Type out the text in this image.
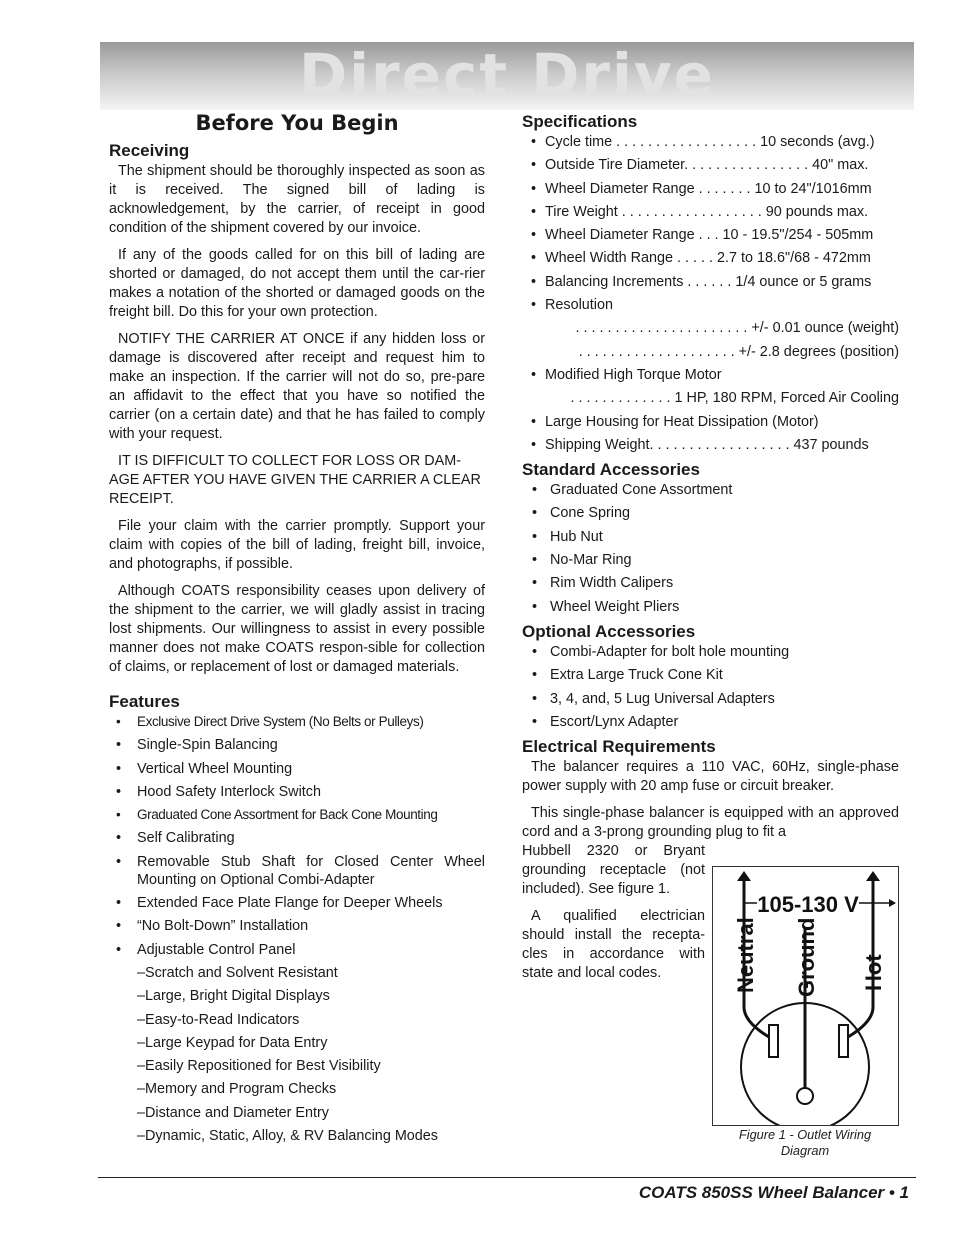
Direct Drive
Before You Begin
Receiving

The shipment should be thoroughly inspected as soon as it is received. The signed bill of lading is acknowledgement, by the carrier, of receipt in good condition of the shipment covered by our invoice.

If any of the goods called for on this bill of lading are shorted or damaged, do not accept them until the car-rier makes a notation of the shorted or damaged goods on the freight bill. Do this for your own protection.

NOTIFY THE CARRIER AT ONCE if any hidden loss or damage is discovered after receipt and request him to make an inspection. If the carrier will not do so, pre-pare an affidavit to the effect that you have so notified the carrier (on a certain date) and that he has failed to comply with your request.

IT IS DIFFICULT TO COLLECT FOR LOSS OR DAM-AGE AFTER YOU HAVE GIVEN THE CARRIER A CLEAR RECEIPT.

File your claim with the carrier promptly. Support your claim with copies of the bill of lading, freight bill, invoice, and photographs, if possible.

Although COATS responsibility ceases upon delivery of the shipment to the carrier, we will gladly assist in tracing lost shipments. Our willingness to assist in every possible manner does not make COATS respon-sible for collection of claims, or replacement of lost or damaged materials.

Features
• Exclusive Direct Drive System (No Belts or Pulleys)
• Single-Spin Balancing
• Vertical Wheel Mounting
• Hood Safety Interlock Switch
• Graduated Cone Assortment for Back Cone Mounting
• Self Calibrating
• Removable Stub Shaft for Closed Center Wheel Mounting on Optional Combi-Adapter
• Extended Face Plate Flange for Deeper Wheels
• “No Bolt-Down” Installation
• Adjustable Control Panel
–Scratch and Solvent Resistant
–Large, Bright Digital Displays
–Easy-to-Read Indicators
–Large Keypad for Data Entry
–Easily Repositioned for Best Visibility
–Memory and Program Checks
–Distance and Diameter Entry
–Dynamic, Static, Alloy, & RV Balancing Modes
Specifications
• Cycle time . . . . . . . . . . . . . . . . . . 10 seconds (avg.)
• Outside Tire Diameter. . . . . . . . . . . . . . . . 40" max.
• Wheel Diameter Range . . . . . . . 10 to 24"/1016mm
• Tire Weight . . . . . . . . . . . . . . . . . . 90 pounds max.
• Wheel Diameter Range . . . 10 - 19.5"/254 - 505mm
• Wheel Width Range . . . . . 2.7 to 18.6"/68 - 472mm
• Balancing Increments . . . . . . 1/4 ounce or 5 grams
• Resolution
. . . . . . . . . . . . . . . . . . . . . . +/- 0.01 ounce (weight)
. . . . . . . . . . . . . . . . . . . . +/- 2.8 degrees (position)
• Modified High Torque Motor
. . . . . . . . . . . . . 1 HP, 180 RPM, Forced Air Cooling
• Large Housing for Heat Dissipation (Motor)
• Shipping Weight. . . . . . . . . . . . . . . . . . 437 pounds
Standard Accessories
• Graduated Cone Assortment
• Cone Spring
• Hub Nut
• No-Mar Ring
• Rim Width Calipers
• Wheel Weight Pliers
Optional Accessories
• Combi-Adapter for bolt hole mounting
• Extra Large Truck Cone Kit
• 3, 4, and, 5 Lug Universal Adapters
• Escort/Lynx Adapter
Electrical Requirements

The balancer requires a 110 VAC, 60Hz, single-phase power supply with 20 amp fuse or circuit breaker.

This single-phase balancer is equipped with an approved cord and a 3-prong grounding plug to fit a

Hubbell 2320 or Bryant grounding receptacle (not included). See figure 1.

A qualified electrician should install the recepta-cles in accordance with state and local codes.

105-130 V
Neutral Ground Hot
Figure 1 - Outlet Wiring
Diagram
COATS 850SS Wheel Balancer • 1
